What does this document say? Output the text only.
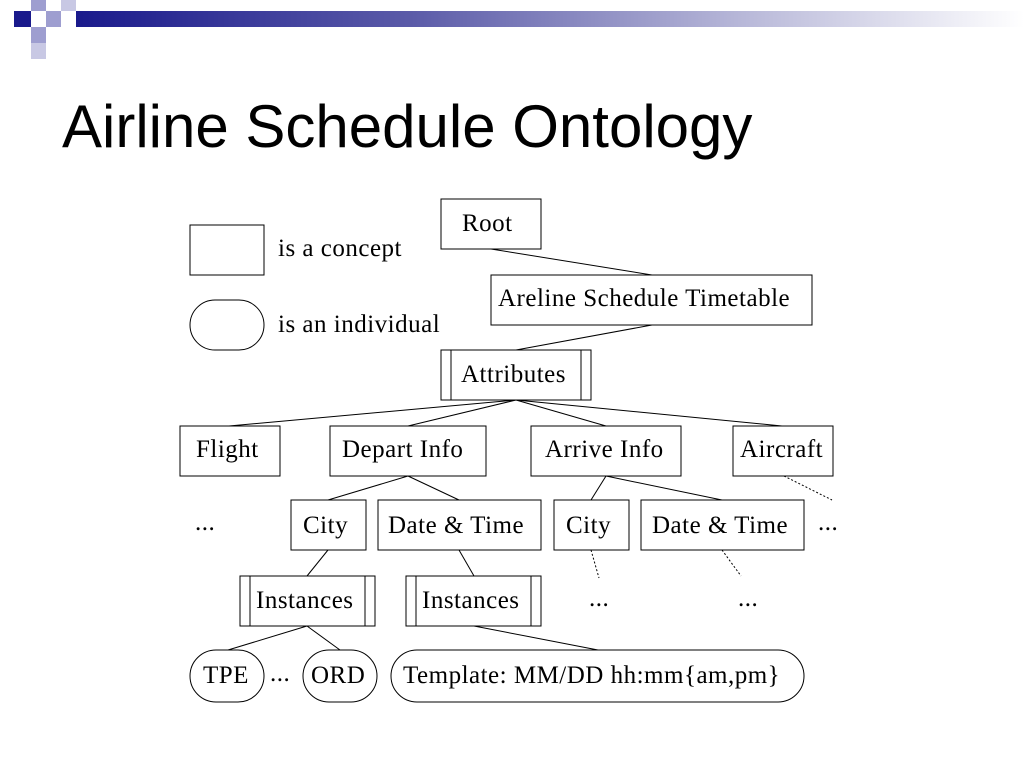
Airline Schedule Ontology
is a concept
is an individual
Root
Areline Schedule Timetable
Attributes
Flight	Depart Info	Arrive Info	Aircraft
City Date & Time City Date & Time
Instances	Instances
TPE ORD Template: MM/DD hh:mm{am,pm}
...	...
...	...
...
